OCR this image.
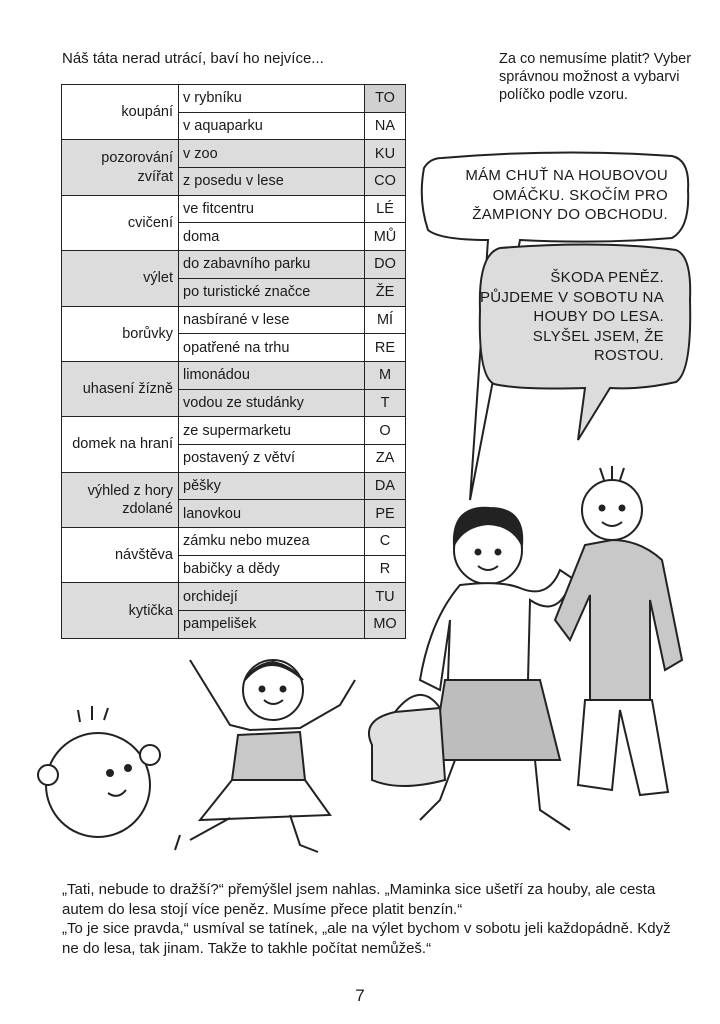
Náš táta nerad utrácí, baví ho nejvíce...
koupání	v rybníku	TO
	v aquaparku	NA
pozorování zvířat	v zoo	KU
	z posedu v lese	CO
cvičení	ve fitcentru	LÉ
	doma	MŮ
výlet	do zabavního parku	DO
	po turistické značce	ŽE
borůvky	nasbírané v lese	MÍ
	opatřené na trhu	RE
uhasení žízně	limonádou	M
	vodou ze studánky	T
domek na hraní	ze supermarketu	O
	postavený z větví	ZA
výhled z hory zdolané	pěšky	DA
	lanovkou	PE
návštěva	zámku nebo muzea	C
	babičky a dědy	R
kytička	orchidejí	TU
	pampelišek	MO
Za co nemusíme platit? Vyber správnou možnost a vybarvi políčko podle vzoru.
MÁM CHUŤ NA HOUBOVOU OMÁČKU. SKOČÍM PRO ŽAMPIONY DO OBCHODU.
ŠKODA PENĚZ. PŮJDEME V SOBOTU NA HOUBY DO LESA. SLYŠEL JSEM, ŽE ROSTOU.

„Tati, nebude to dražší?“ přemýšlel jsem nahlas. „Maminka sice ušetří za houby, ale cesta autem do lesa stojí více peněz. Musíme přece platit benzín.“

„To je sice pravda,“ usmíval se tatínek, „ale na výlet bychom v sobotu jeli každopádně. Když ne do lesa, tak jinam. Takže to takhle počítat nemůžeš.“

7
